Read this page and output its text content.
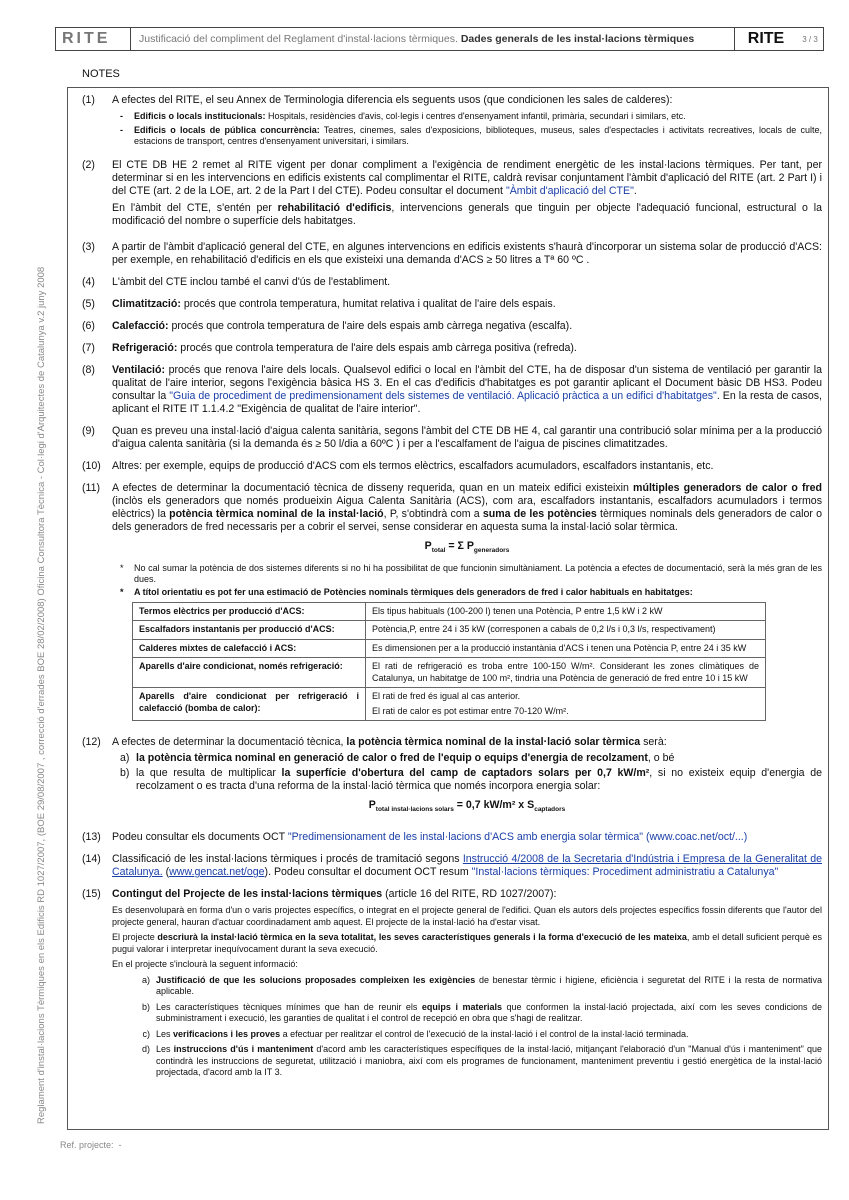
RITE	Justificació del compliment del Reglament d'instal·lacions tèrmiques. Dades generals de les instal·lacions tèrmiques	RITE	3 / 3
Reglament d'instal·lacions Tèrmiques en els Edificis RD 1027/2007, (BOE 29/08/2007 , correcció d'errades BOE 28/02/2008) Oficina Consultora Tècnica - Col·legi d'Arquitectes de Catalunya v.2 juny 2008
NOTES
(1)	A efectes del RITE, el seu Annex de Terminologia diferencia els seguents usos (que condicionen les sales de calderes):
-	Edificis o locals institucionals: Hospitals, residències d'avis, col·legis i centres d'ensenyament infantil, primària, secundari i similars, etc.
-	Edificis o locals de pública concurrència: Teatres, cinemes, sales d'exposicions, biblioteques, museus, sales d'espectacles i activitats recreatives, locals de culte, estacions de transport, centres d'ensenyament universitari, i similars.
(2)	El CTE DB HE 2 remet al RITE vigent per donar compliment a l'exigència de rendiment energètic de les instal·lacions tèrmiques. Per tant, per determinar si en les intervencions en edificis existents cal complimentar el RITE, caldrà revisar conjuntament l'àmbit d'aplicació del RITE (art. 2 Part I) i del CTE (art. 2 de la LOE, art. 2 de la Part I del CTE). Podeu consultar el document "Àmbit d'aplicació del CTE".

En l'àmbit del CTE, s'entén per rehabilitació d'edificis, intervencions generals que tinguin per objecte l'adequació funcional, estructural o la modificació del nombre o superfície dels habitatges.

(3)	A partir de l'àmbit d'aplicació general del CTE, en algunes intervencions en edificis existents s'haurà d'incorporar un sistema solar de producció d'ACS: per exemple, en rehabilitació d'edificis en els que existeixi una demanda d'ACS ≥ 50 litres a Tª 60 ºC .
(4)	L'àmbit del CTE inclou també el canvi d'ús de l'establiment.
(5)	Climatització: procés que controla temperatura, humitat relativa i qualitat de l'aire dels espais.
(6)	Calefacció: procés que controla temperatura de l'aire dels espais amb càrrega negativa (escalfa).
(7)	Refrigeració: procés que controla temperatura de l'aire dels espais amb càrrega positiva (refreda).
(8)	Ventilació: procés que renova l'aire dels locals. Qualsevol edifici o local en l'àmbit del CTE, ha de disposar d'un sistema de ventilació per garantir la qualitat de l'aire interior, segons l'exigència bàsica HS 3. En el cas d'edificis d'habitatges es pot garantir aplicant el Document bàsic DB HS3. Podeu consultar la "Guia de procediment de predimensionament dels sistemes de ventilació. Aplicació pràctica a un edifici d'habitatges". En la resta de casos, aplicant el RITE IT 1.1.4.2 "Exigència de qualitat de l'aire interior".
(9)	Quan es preveu una instal·lació d'aigua calenta sanitària, segons l'àmbit del CTE DB HE 4, cal garantir una contribució solar mínima per a la producció d'aigua calenta sanitària (si la demanda és ≥ 50 l/dia a 60ºC ) i per a l'escalfament de l'aigua de piscines climatitzades.
(10)	Altres: per exemple, equips de producció d'ACS com els termos elèctrics, escalfadors acumuladors, escalfadors instantanis, etc.
(11)	A efectes de determinar la documentació tècnica de disseny requerida, quan en un mateix edifici existeixin múltiples generadors de calor o fred (inclòs els generadors que només produeixin Aigua Calenta Sanitària (ACS), com ara, escalfadors instantanis, escalfadors acumuladors i termos elèctrics) la potència tèrmica nominal de la instal·lació, P, s'obtindrà com a suma de les potències tèrmiques nominals dels generadors de calor o dels generadors de fred necessaris per a cobrir el servei, sense considerar en aquesta suma la instal·lació solar tèrmica.
$P_{total} = \Sigma$ $P_{generadors}$
*	No cal sumar la potència de dos sistemes diferents si no hi ha possibilitat de que funcionin simultàniament. La potència a efectes de documentació, serà la més gran de les dues.
*	A títol orientatiu es pot fer una estimació de Potències nominals tèrmiques dels generadors de fred i calor habituals en habitatges:
Termos elèctrics per producció d'ACS:	Els tipus habituals (100-200 l) tenen una Potència, P entre 1,5 kW i 2 kW
Escalfadors instantanis per producció d'ACS:	Potència,P, entre 24 i 35 kW (corresponen a cabals de 0,2 l/s i 0,3 l/s, respectivament)
Calderes mixtes de calefacció i ACS:	Es dimensionen per a la producció instantània d'ACS i tenen una Potència P, entre 24 i 35 kW
Aparells d'aire condicionat, només refrigeració:	El rati de refrigeració es troba entre 100-150 W/m². Considerant les zones climàtiques de Catalunya, un habitatge de 100 m², tindria una Potència de generació de fred entre 10 i 15 kW
Aparells d'aire condicionat per refrigeració i calefacció (bomba de calor):	El rati de fred és igual al cas anterior.
El rati de calor es pot estimar entre 70-120 W/m².
(12)	A efectes de determinar la documentació tècnica, la potència tèrmica nominal de la instal·lació solar tèrmica serà:
a) la potència tèrmica nominal en generació de calor o fred de l'equip o equips d'energia de recolzament, o bé
b) la que resulta de multiplicar la superfície d'obertura del camp de captadors solars per 0,7 kW/m², si no existeix equip d'energia de recolzament o es tracta d'una reforma de la instal·lació tèrmica que només incorpora energia solar:
$P_{total instal\cdot lacions solars} = 0,7$ kW/m² x $S_{captadors}$
(13)	Podeu consultar els documents OCT "Predimensionament de les instal·lacions d'ACS amb energia solar tèrmica" (www.coac.net/oct/...)
(14)	Classificació de les instal·lacions tèrmiques i procés de tramitació segons Instrucció 4/2008 de la Secretaria d'Indústria i Empresa de la Generalitat de Catalunya. (www.gencat.net/oge). Podeu consultar el document OCT resum "Instal·lacions tèrmiques: Procediment administratiu a Catalunya"
(15)	Contingut del Projecte de les instal·lacions tèrmiques (article 16 del RITE, RD 1027/2007):

Es desenvoluparà en forma d'un o varis projectes específics, o integrat en el projecte general de l'edifici. Quan els autors dels projectes específics fossin diferents que l'autor del projecte general, hauran d'actuar coordinadament amb aquest. El projecte de la instal·lació ha d'estar visat.

El projecte descriurà la instal·lació tèrmica en la seva totalitat, les seves característiques generals i la forma d'execució de les mateixa, amb el detall suficient perquè es pugui valorar i interpretar inequívocament durant la seva execució.

En el projecte s'inclourà la seguent informació:

a) Justificació de que les solucions proposades compleixen les exigències de benestar tèrmic i higiene, eficiència i seguretat del RITE i la resta de normativa aplicable.
b) Les característiques tècniques mínimes que han de reunir els equips i materials que conformen la instal·lació projectada, així com les seves condicions de subministrament i execució, les garanties de qualitat i el control de recepció en obra que s'hagi de realitzar.
c) Les verificacions i les proves a efectuar per realitzar el control de l'execució de la instal·lació i el control de la instal·lació terminada.
d) Les instruccions d'ús i manteniment d'acord amb les característiques específiques de la instal·lació, mitjançant l'elaboració d'un "Manual d'ús i manteniment" que contindrà les instruccions de seguretat, utilització i maniobra, així com els programes de funcionament, manteniment preventiu i gestió energètica de la instal·lació projectada, d'acord amb la IT 3.
Ref. projecte: -
